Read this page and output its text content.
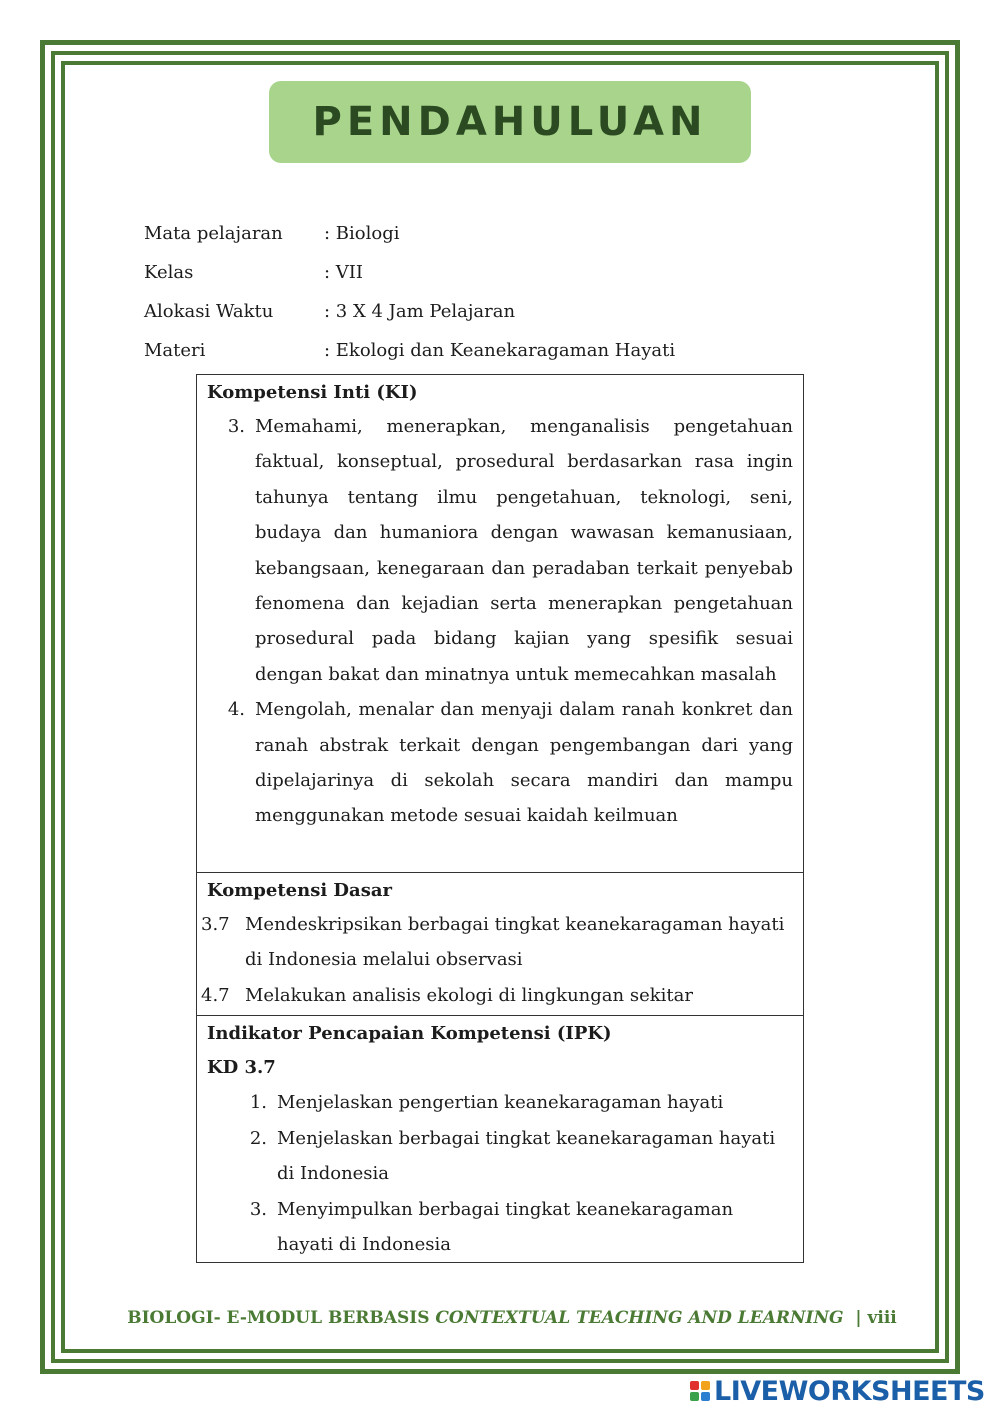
PENDAHULUAN
Mata pelajaran	: Biologi
Kelas	: VII
Alokasi Waktu	: 3 X 4 Jam Pelajaran
Materi	: Ekologi dan Keanekaragaman Hayati
Kompetensi Inti (KI)
3. Memahami, menerapkan, menganalisis pengetahuan faktual, konseptual, prosedural berdasarkan rasa ingin tahunya tentang ilmu pengetahuan, teknologi, seni, budaya dan humaniora dengan wawasan kemanusiaan, kebangsaan, kenegaraan dan peradaban terkait penyebab fenomena dan kejadian serta menerapkan pengetahuan prosedural pada bidang kajian yang spesifik sesuai dengan bakat dan minatnya untuk memecahkan masalah
4. Mengolah, menalar dan menyaji dalam ranah konkret dan ranah abstrak terkait dengan pengembangan dari yang dipelajarinya di sekolah secara mandiri dan mampu menggunakan metode sesuai kaidah keilmuan
Kompetensi Dasar
3.7 Mendeskripsikan berbagai tingkat keanekaragaman hayati di Indonesia melalui observasi
4.7 Melakukan analisis ekologi di lingkungan sekitar
Indikator Pencapaian Kompetensi (IPK)
KD 3.7
1. Menjelaskan pengertian keanekaragaman hayati
2. Menjelaskan berbagai tingkat keanekaragaman hayati di Indonesia
3. Menyimpulkan berbagai tingkat keanekaragaman hayati di Indonesia
BIOLOGI- E-MODUL BERBASIS CONTEXTUAL TEACHING AND LEARNING  | viii
LIVEWORKSHEETS
